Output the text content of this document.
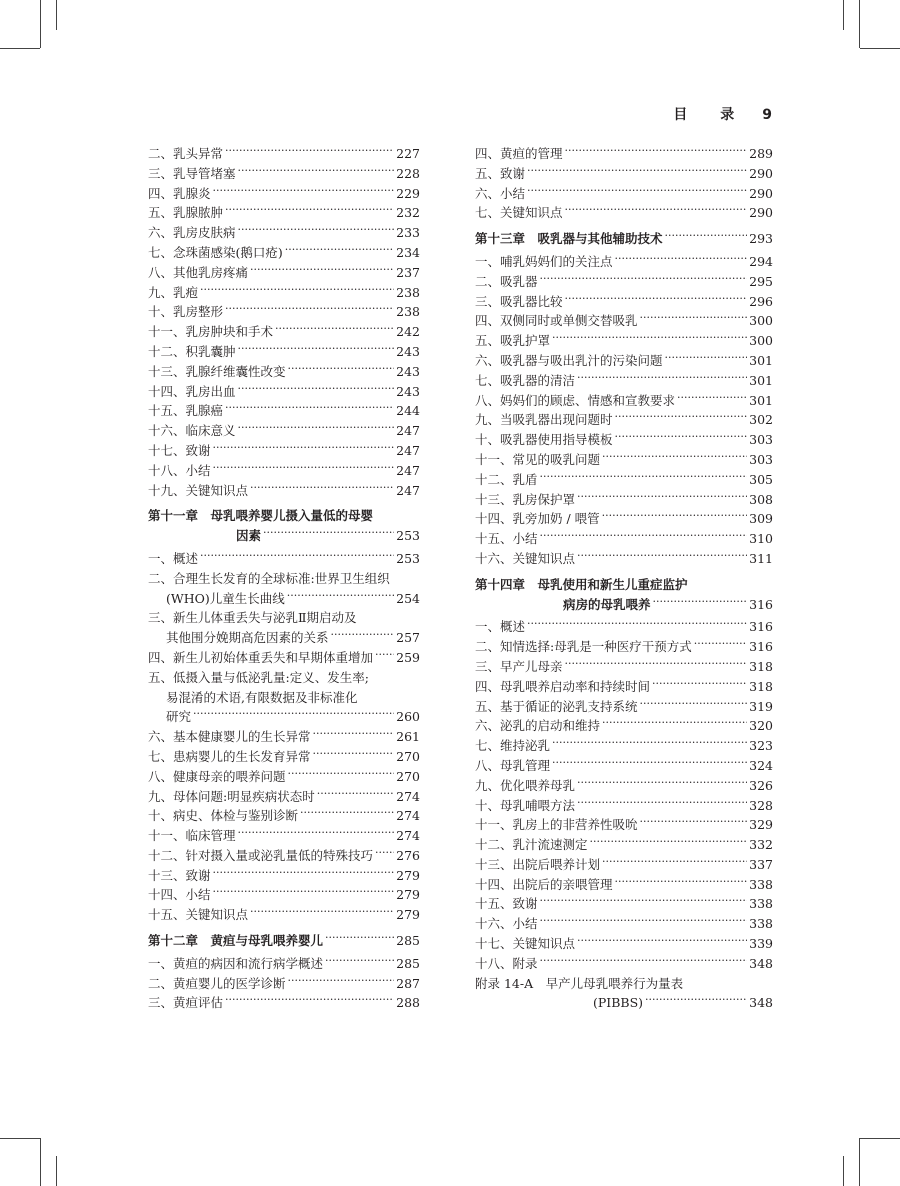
目 录 9
二、乳头异常 ·····	227
三、乳导管堵塞 ·····	228
四、乳腺炎 ·····	229
五、乳腺脓肿 ·····	232
六、乳房皮肤病 ·····	233
七、念珠菌感染(鹅口疮) ·····	234
八、其他乳房疼痛 ·····	237
九、乳疱 ·····	238
十、乳房整形 ·····	238
十一、乳房肿块和手术 ·····	242
十二、积乳囊肿 ·····	243
十三、乳腺纤维囊性改变 ·····	243
十四、乳房出血 ·····	243
十五、乳腺癌 ·····	244
十六、临床意义 ·····	247
十七、致谢 ·····	247
十八、小结 ·····	247
十九、关键知识点 ·····	247
第十一章　母乳喂养婴儿摄入量低的母婴
因素 ·····	253
一、概述 ·····	253
二、合理生长发育的全球标准:世界卫生组织
(WHO)儿童生长曲线 ·····	254
三、新生儿体重丢失与泌乳Ⅱ期启动及
其他围分娩期高危因素的关系 ·····	257
四、新生儿初始体重丢失和早期体重增加 ····· 259
五、低摄入量与低泌乳量:定义、发生率;
易混淆的术语,有限数据及非标准化
研究 ·····	260
六、基本健康婴儿的生长异常 ·····	261
七、患病婴儿的生长发育异常 ·····	270
八、健康母亲的喂养问题 ·····	270
九、母体问题:明显疾病状态时 ·····	274
十、病史、体检与鉴别诊断 ·····	274
十一、临床管理 ·····	274
十二、针对摄入量或泌乳量低的特殊技巧 ····· 276
十三、致谢 ·····	279
十四、小结 ·····	279
十五、关键知识点 ·····	279
第十二章　黄疸与母乳喂养婴儿 ·····	285
一、黄疸的病因和流行病学概述 ·····	285
二、黄疸婴儿的医学诊断 ·····	287
三、黄疸评估 ·····	288
四、黄疸的管理 ·····	289
五、致谢 ·····	290
六、小结 ·····	290
七、关键知识点 ·····	290
第十三章　吸乳器与其他辅助技术 ·····	293
一、哺乳妈妈们的关注点 ·····	294
二、吸乳器 ·····	295
三、吸乳器比较 ·····	296
四、双侧同时或单侧交替吸乳 ·····	300
五、吸乳护罩 ·····	300
六、吸乳器与吸出乳汁的污染问题 ·····	301
七、吸乳器的清洁 ·····	301
八、妈妈们的顾虑、情感和宣教要求 ·····	301
九、当吸乳器出现问题时 ·····	302
十、吸乳器使用指导模板 ·····	303
十一、常见的吸乳问题 ·····	303
十二、乳盾 ·····	305
十三、乳房保护罩 ·····	308
十四、乳旁加奶 / 喂管 ·····	309
十五、小结 ·····	310
十六、关键知识点 ·····	311
第十四章　母乳使用和新生儿重症监护
病房的母乳喂养 ·····	316
一、概述 ·····	316
二、知情选择:母乳是一种医疗干预方式 ·····	316
三、早产儿母亲 ·····	318
四、母乳喂养启动率和持续时间 ·····	318
五、基于循证的泌乳支持系统 ·····	319
六、泌乳的启动和维持 ·····	320
七、维持泌乳 ·····	323
八、母乳管理 ·····	324
九、优化喂养母乳 ·····	326
十、母乳哺喂方法 ·····	328
十一、乳房上的非营养性吸吮 ·····	329
十二、乳汁流速测定 ·····	332
十三、出院后喂养计划 ·····	337
十四、出院后的亲喂管理 ·····	338
十五、致谢 ·····	338
十六、小结 ·····	338
十七、关键知识点 ·····	339
十八、附录 ·····	348
附录 14-A　早产儿母乳喂养行为量表
(PIBBS) ·····	348
